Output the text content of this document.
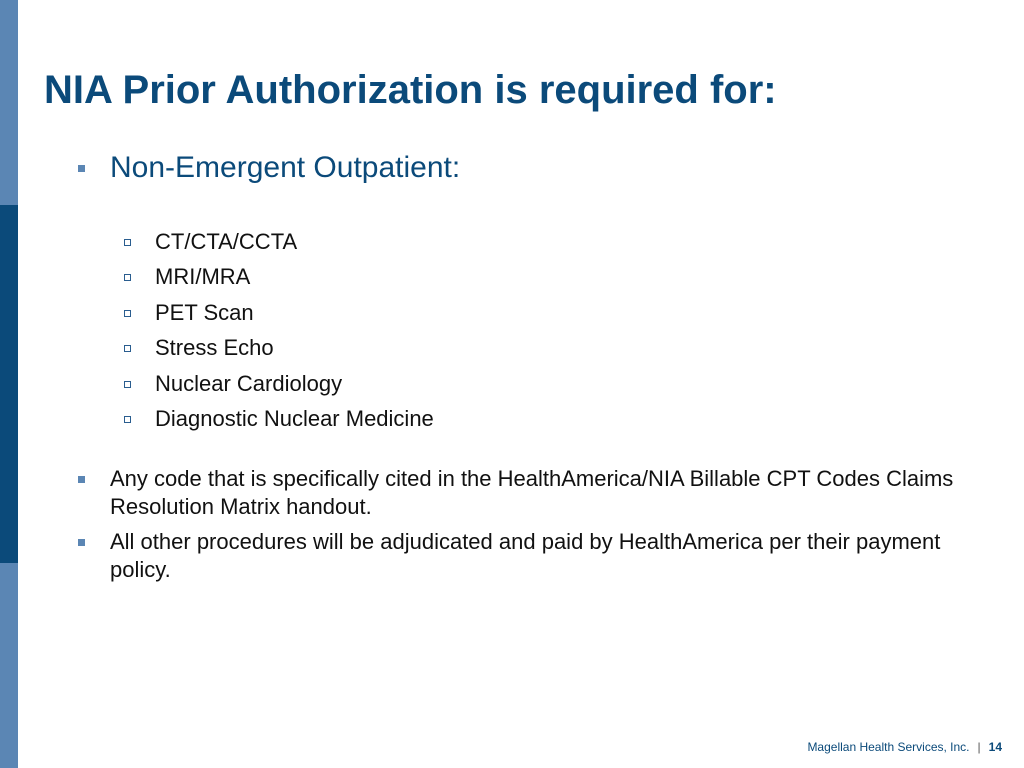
NIA Prior Authorization is required for:
Non-Emergent Outpatient:
CT/CTA/CCTA
MRI/MRA
PET Scan
Stress Echo
Nuclear Cardiology
Diagnostic Nuclear Medicine
Any code that is specifically cited in the HealthAmerica/NIA Billable CPT Codes Claims Resolution Matrix handout.
All other procedures will be adjudicated and paid by HealthAmerica per their payment policy.
Magellan Health Services, Inc. | 14
